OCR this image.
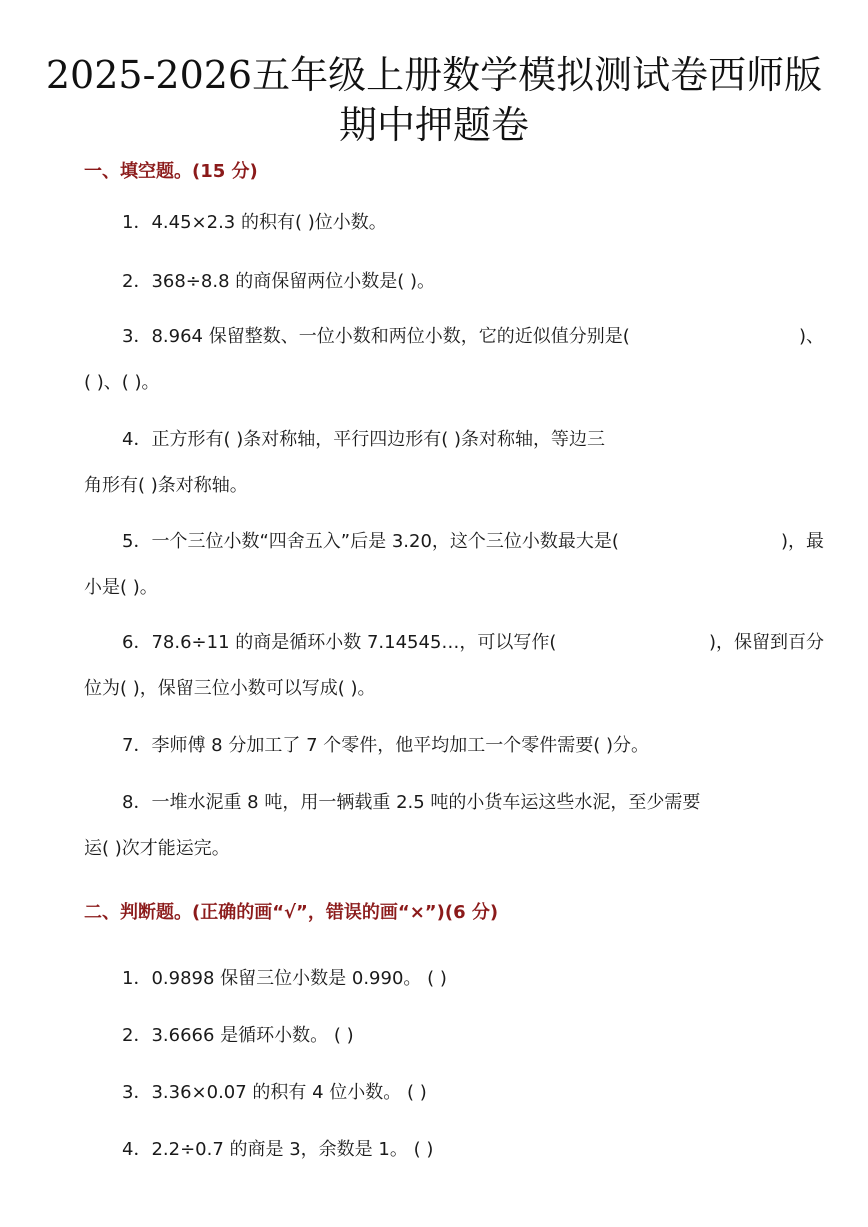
2025-2026五年级上册数学模拟测试卷西师版
期中押题卷
一、填空题。(15 分)
1．4.45×2.3 的积有( )位小数。
2．368÷8.8 的商保留两位小数是( )。
3．8.964 保留整数、一位小数和两位小数，它的近似值分别是(	)、
( )、( )。
4．正方形有( )条对称轴，平行四边形有( )条对称轴，等边三
角形有( )条对称轴。
5．一个三位小数“四舍五入”后是 3.20，这个三位小数最大是(	)，最
小是( )。
6．78.6÷11 的商是循环小数 7.14545…，可以写作(	)，保留到百分
位为( )，保留三位小数可以写成( )。
7．李师傅 8 分加工了 7 个零件，他平均加工一个零件需要( )分。
8．一堆水泥重 8 吨，用一辆载重 2.5 吨的小货车运这些水泥，至少需要
运( )次才能运完。
二、判断题。(正确的画“√”，错误的画“×”)(6 分)
1．0.9898 保留三位小数是 0.990。 ( )
2．3.6666 是循环小数。 ( )
3．3.36×0.07 的积有 4 位小数。 ( )
4．2.2÷0.7 的商是 3，余数是 1。 ( )
